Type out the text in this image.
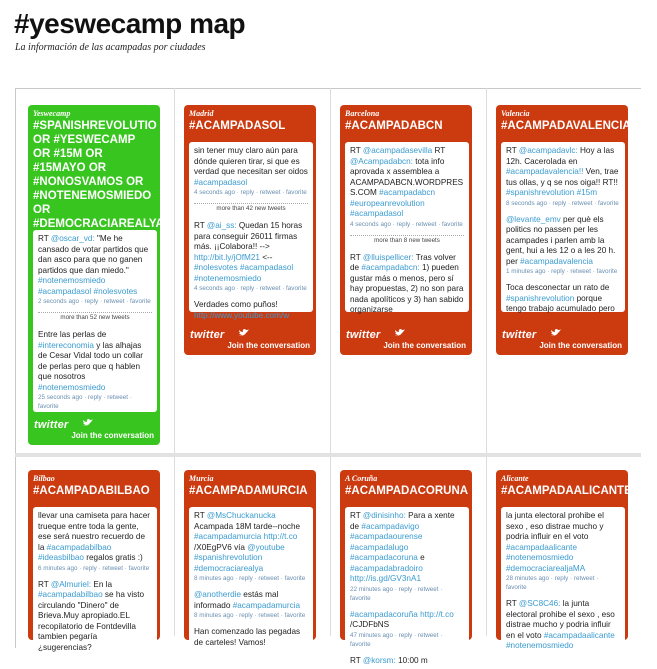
#yeswecamp map
La información de las acampadas por ciudades
Yeswecamp
#SPANISHREVOLUTIO
OR #YESWECAMP
OR #15M OR
#15MAYO OR
#NONOSVAMOS OR
#NOTENEMOSMIEDO
OR
#DEMOCRACIAREALYA
RT @oscar_vd: "Me he cansado de votar partidos que dan asco para que no ganen partidos que dan miedo." #notenemosmiedo #acampadasol #nolesvotes
2 seconds ago · reply · retweet · favorite
more than 52 new tweets
Entre las perlas de #intereconomia y las alhajas de Cesar Vidal todo un collar de perlas pero que q hablen que nosotros #notenemosmiedo
25 seconds ago · reply · retweet · favorite
twitter
Join the conversation
Madrid
#ACAMPADASOL
sin tener muy claro aún para dónde quieren tirar, si que es verdad que necesitan ser oidos #acampadasol
4 seconds ago · reply · retweet · favorite
more than 42 new tweets
RT @ai_ss: Quedan 15 horas para conseguir 26011 firmas más. ¡¡Colabora!! --> http://bit.ly/jOfM21 <-- #nolesvotes #acampadasol #notenemosmiedo
4 seconds ago · reply · retweet · favorite
Verdades como puños! http://www.youtube.com/w
twitter
Join the conversation
Barcelona
#ACAMPADABCN
RT @acampadasevilla RT @Acampadabcn: tota info aprovada x assemblea a ACAMPADABCN.WORDPRESS.COM #acampadabcn #europeanrevolution #acampadasol
4 seconds ago · reply · retweet · favorite
more than 8 new tweets
RT @lluispellicer: Tras volver de #acampadabcn: 1) pueden gustar más o menos, pero sí hay propuestas, 2) no son para nada apolíticos y 3) han sabido organizarse
twitter
Join the conversation
Valencia
#ACAMPADAVALENCIA
RT @acampadavlc: Hoy a las 12h. Cacerolada en #acampadavalencia!! Ven, trae tus ollas, y q se nos oiga!! RT!! #spanishrevolution #15m
8 seconds ago · reply · retweet · favorite
@levante_emv per què els politics no passen per les acampades i parlen amb la gent, hui a les 12 o a les 20 h. per #acampadavalencia
1 minutes ago · reply · retweet · favorite
Toca desconectar un rato de #spanishrevolution porque tengo trabajo acumulado pero
twitter
Join the conversation
Bilbao
#ACAMPADABILBAO
llevar una camiseta para hacer trueque entre toda la gente, ese será nuestro recuerdo de la #acampadabilbao #ideasbilbao regalos gratis :)
6 minutes ago · reply · retweet · favorite
RT @Almuriel: En la #acampadabilbao se ha visto circulando "Dinero" de Brieva.Muy apropiado.EL recopilatorio de Fontdevilla tambien pegaría ¿sugerencias?
Murcia
#ACAMPADAMURCIA
RT @MsChuckanucka Acampada 18M tarde--noche #acampadamurcia http://t.co /X0EgPV6 vía @youtube #spanishrevolution #democraciarealya
8 minutes ago · reply · retweet · favorite
@anotherdie estás mal informado #acampadamurcia
8 minutes ago · reply · retweet · favorite
Han comenzado las pegadas de carteles! Vamos!
A Coruña
#ACAMPADACORUNA
RT @dinisinho: Para a xente de #acampadavigo #acampadaourense #acampadalugo #acampadacoruna e #acampadabradoiro http://is.gd/GV3nA1
22 minutes ago · reply · retweet · favorite
#acampadacoruña http://t.co /CJDFbNS
47 minutes ago · reply · retweet · favorite
RT @korsm: 10:00 m
Alicante
#ACAMPADAALICANTE
la junta electoral prohibe el sexo , eso distrae mucho y podria influir en el voto #acampadaalicante #notenemosmiedo #democraciarealjaMA
28 minutes ago · reply · retweet · favorite
RT @SC8C46: la junta electoral prohibe el sexo , eso distrae mucho y podria influir en el voto #acampadaalicante #notenemosmiedo
